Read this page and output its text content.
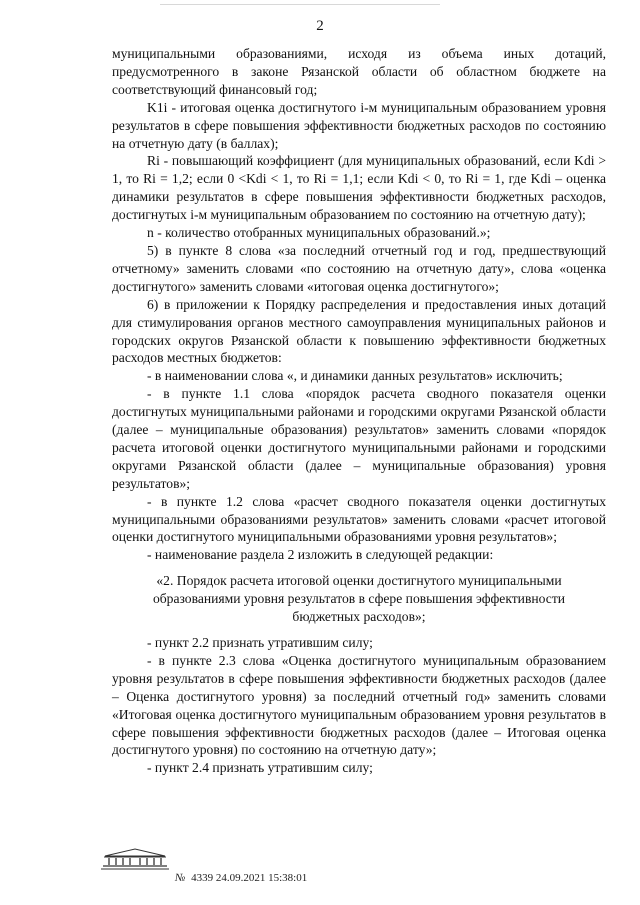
2

муниципальными образованиями, исходя из объема иных дотаций, предусмотренного в законе Рязанской области об областном бюджете на соответствующий финансовый год;

K1i - итоговая оценка достигнутого i-м муниципальным образованием уровня результатов в сфере повышения эффективности бюджетных расходов по состоянию на отчетную дату (в баллах);

Ri - повышающий коэффициент (для муниципальных образований, если Kdi > 1, то Ri = 1,2; если 0 <Kdi < 1, то Ri = 1,1; если Kdi < 0, то Ri = 1, где Kdi – оценка динамики результатов в сфере повышения эффективности бюджетных расходов, достигнутых i-м муниципальным образованием по состоянию на отчетную дату);

n - количество отобранных муниципальных образований.»;

5) в пункте 8 слова «за последний отчетный год и год, предшествующий отчетному» заменить словами «по состоянию на отчетную дату», слова «оценка достигнутого» заменить словами «итоговая оценка достигнутого»;

6) в приложении к Порядку распределения и предоставления иных дотаций для стимулирования органов местного самоуправления муниципальных районов и городских округов Рязанской области к повышению эффективности бюджетных расходов местных бюджетов:

- в наименовании слова «, и динамики данных результатов» исключить;

- в пункте 1.1 слова «порядок расчета сводного показателя оценки достигнутых муниципальными районами и городскими округами Рязанской области (далее – муниципальные образования) результатов» заменить словами «порядок расчета итоговой оценки достигнутого муниципальными районами и городскими округами Рязанской области (далее – муниципальные образования) уровня результатов»;

- в пункте 1.2 слова «расчет сводного показателя оценки достигнутых муниципальными образованиями результатов» заменить словами «расчет итоговой оценки достигнутого муниципальными образованиями уровня результатов»;

- наименование раздела 2 изложить в следующей редакции:

«2. Порядок расчета итоговой оценки достигнутого муниципальными образованиями уровня результатов в сфере повышения эффективности бюджетных расходов»;

- пункт 2.2 признать утратившим силу;

- в пункте 2.3 слова «Оценка достигнутого муниципальным образованием уровня результатов в сфере повышения эффективности бюджетных расходов (далее – Оценка достигнутого уровня) за последний отчетный год» заменить словами «Итоговая оценка достигнутого муниципальным образованием уровня результатов в сфере повышения эффективности бюджетных расходов (далее – Итоговая оценка достигнутого уровня) по состоянию на отчетную дату»;

- пункт 2.4 признать утратившим силу;

№ 4339 24.09.2021 15:38:01
